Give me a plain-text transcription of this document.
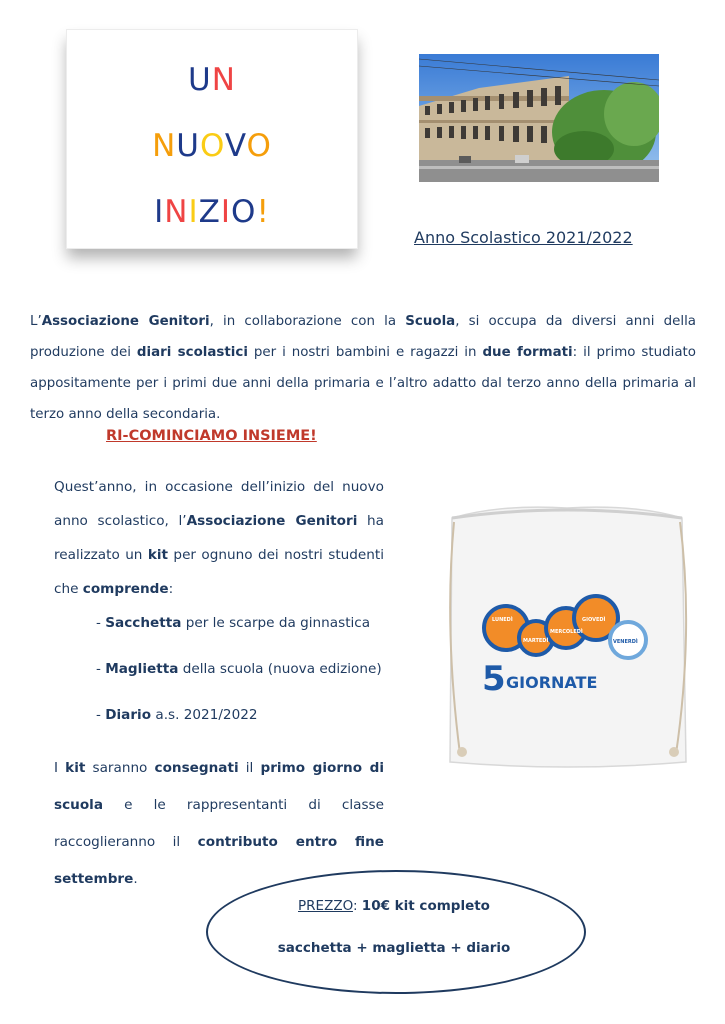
UN
NUOVO
INIZIO!
Anno Scolastico 2021/2022
L’Associazione Genitori, in collaborazione con la Scuola, si occupa da diversi anni della produzione dei diari scolastici per i nostri bambini e ragazzi in due formati: il primo studiato appositamente per i primi due anni della primaria e l’altro adatto dal terzo anno della primaria al terzo anno della secondaria.
RI-COMINCIAMO INSIEME!
Quest’anno, in occasione dell’inizio del nuovo anno scolastico, l’Associazione Genitori ha realizzato un kit per ognuno dei nostri studenti che comprende:
- Sacchetta per le scarpe da ginnastica
- Maglietta della scuola (nuova edizione)
- Diario a.s. 2021/2022
I kit saranno consegnati il primo giorno di scuola e le rappresentanti di classe raccoglieranno il contributo entro fine settembre.
5 GIORNATE
LUNEDÌ
MARTEDÌ
MERCOLEDÌ
GIOVEDÌ
VENERDÌ
PREZZO: 10€ kit completo
sacchetta + maglietta + diario
